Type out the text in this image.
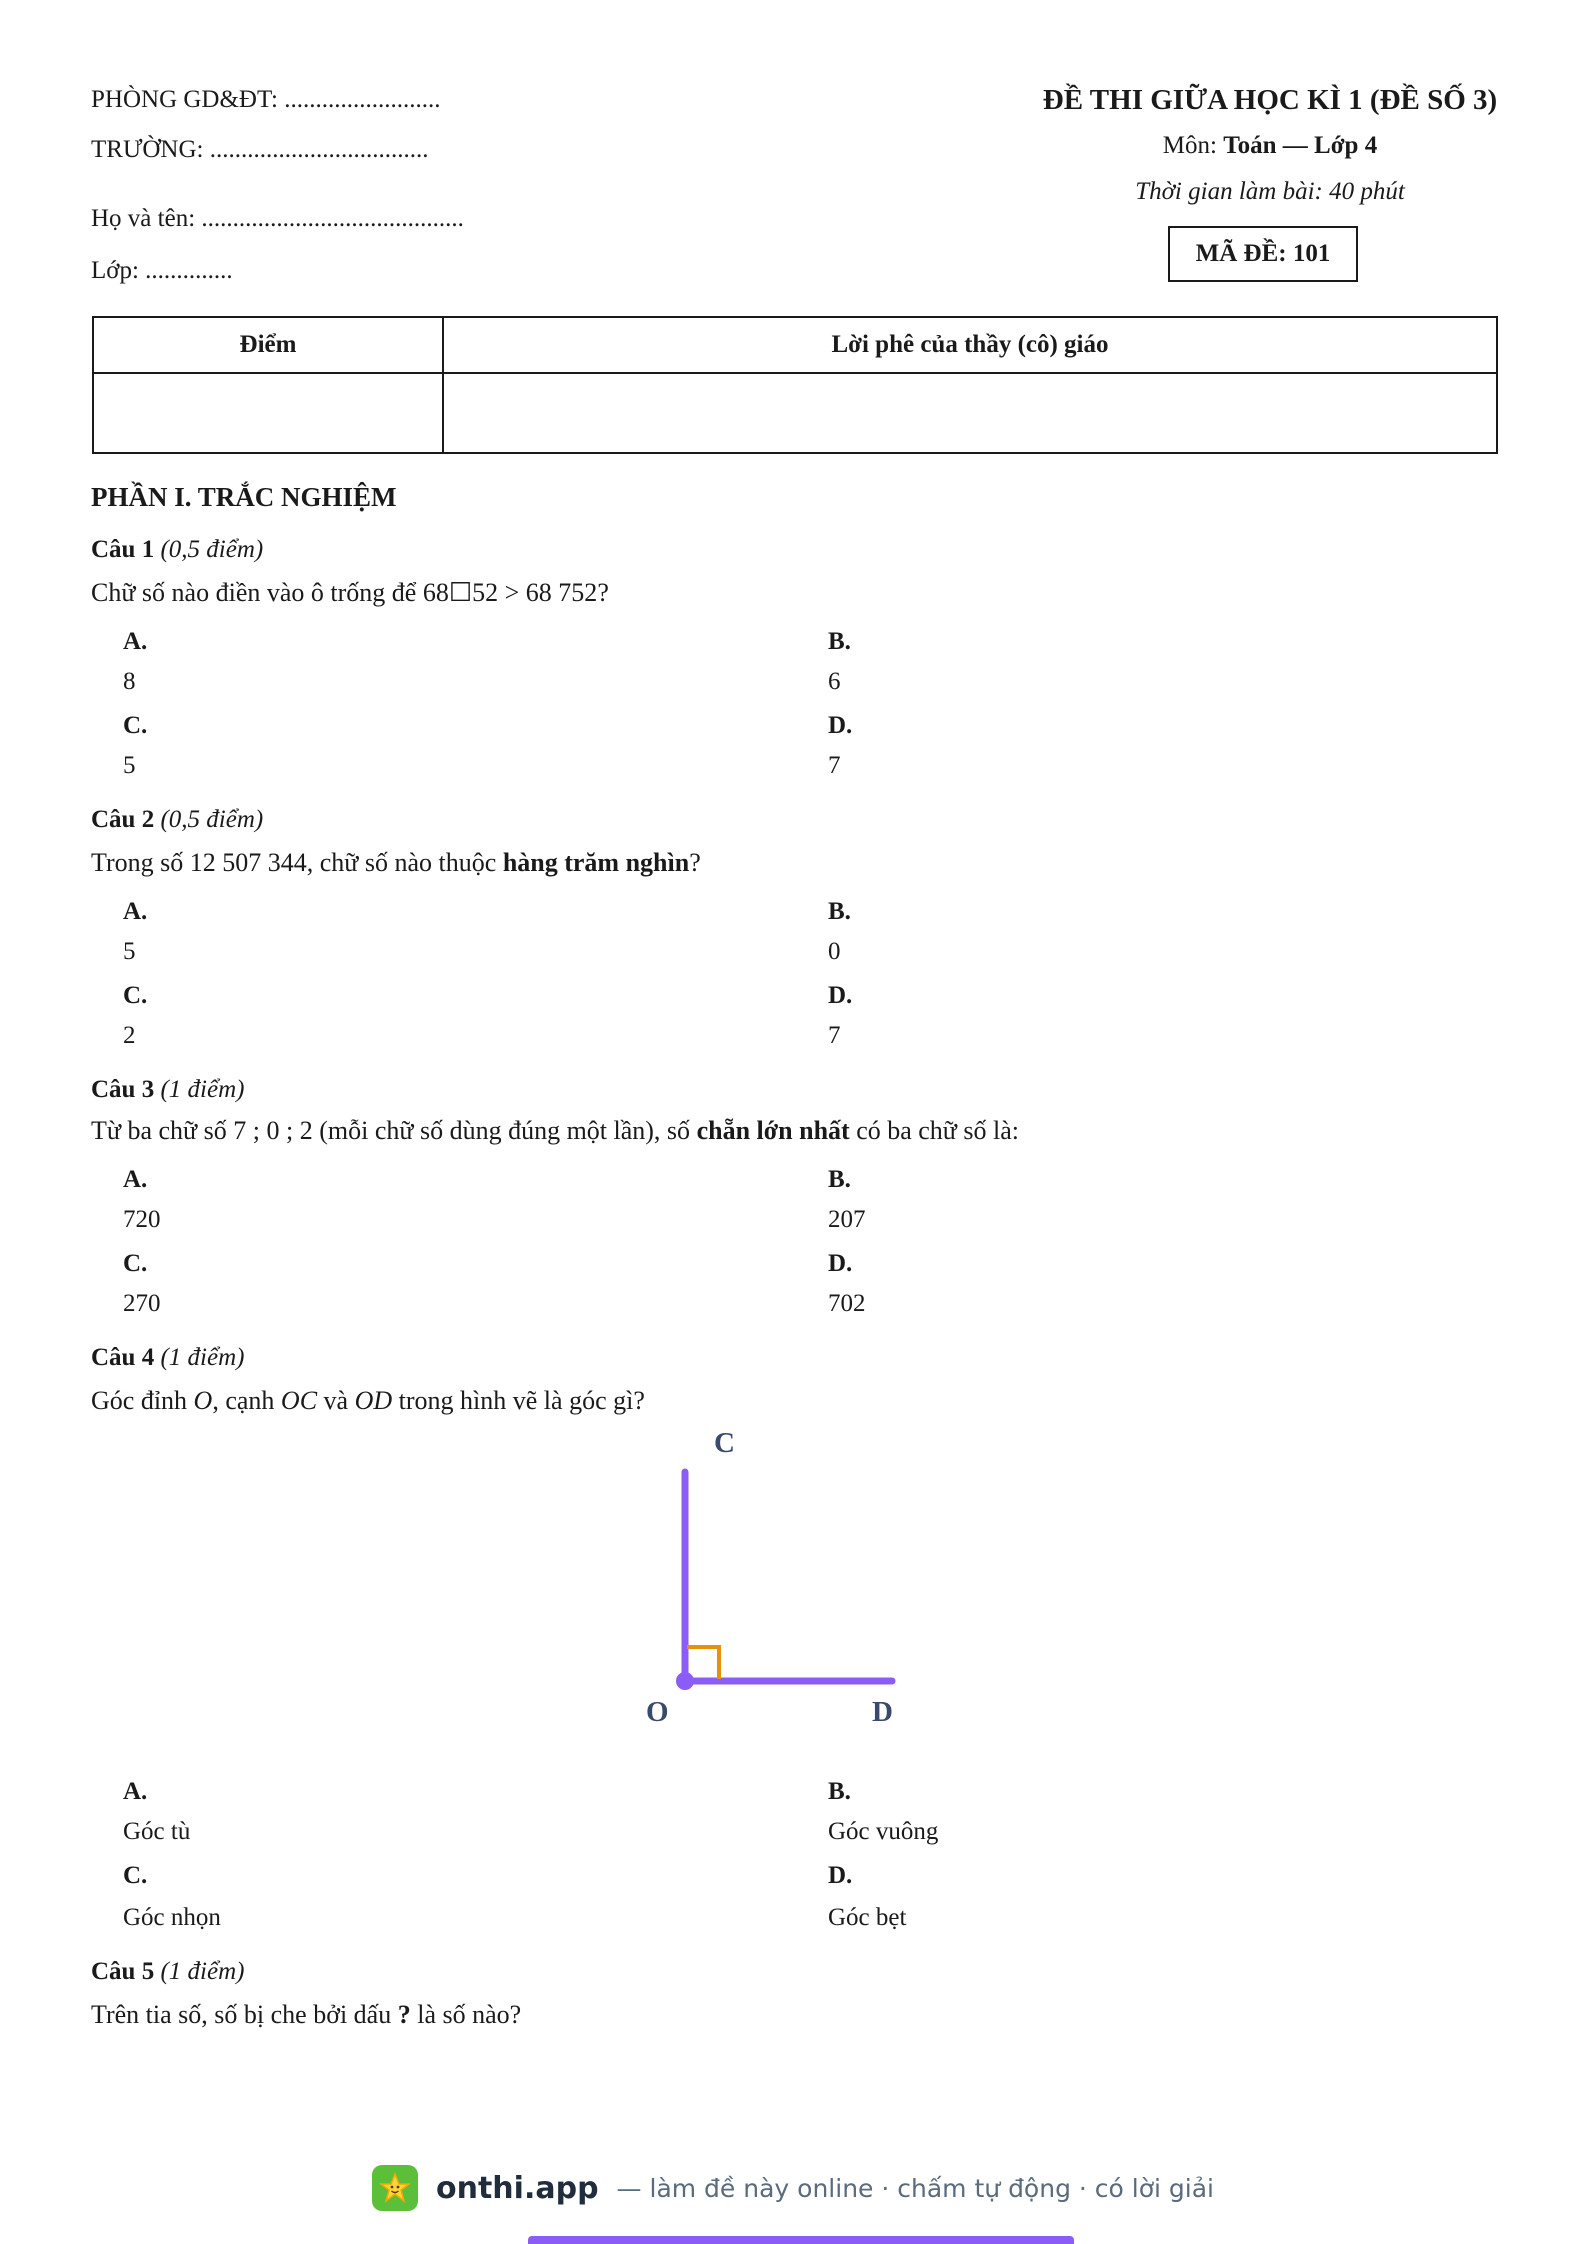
PHÒNG GD&ĐT: .........................
TRƯỜNG: ...................................
Họ và tên: ..........................................
Lớp: ..............
ĐỀ THI GIỮA HỌC KÌ 1 (ĐỀ SỐ 3)
Môn: Toán — Lớp 4
Thời gian làm bài: 40 phút
MÃ ĐỀ: 101
Điểm	Lời phê của thầy (cô) giáo
PHẦN I. TRẮC NGHIỆM
Câu 1 (0,5 điểm)
Chữ số nào điền vào ô trống để 68☐52 > 68 752?
A.
8
B.
6
C.
5
D.
7
Câu 2 (0,5 điểm)
Trong số 12 507 344, chữ số nào thuộc hàng trăm nghìn?
A.
5
B.
0
C.
2
D.
7
Câu 3 (1 điểm)
Từ ba chữ số 7 ; 0 ; 2 (mỗi chữ số dùng đúng một lần), số chẵn lớn nhất có ba chữ số là:
A.
720
B.
207
C.
270
D.
702
Câu 4 (1 điểm)
Góc đỉnh O, cạnh OC và OD trong hình vẽ là góc gì?
C
O	D
A.
Góc tù
B.
Góc vuông
C.
Góc nhọn
D.
Góc bẹt
Câu 5 (1 điểm)
Trên tia số, số bị che bởi dấu ? là số nào?
onthi.app — làm đề này online · chấm tự động · có lời giải
